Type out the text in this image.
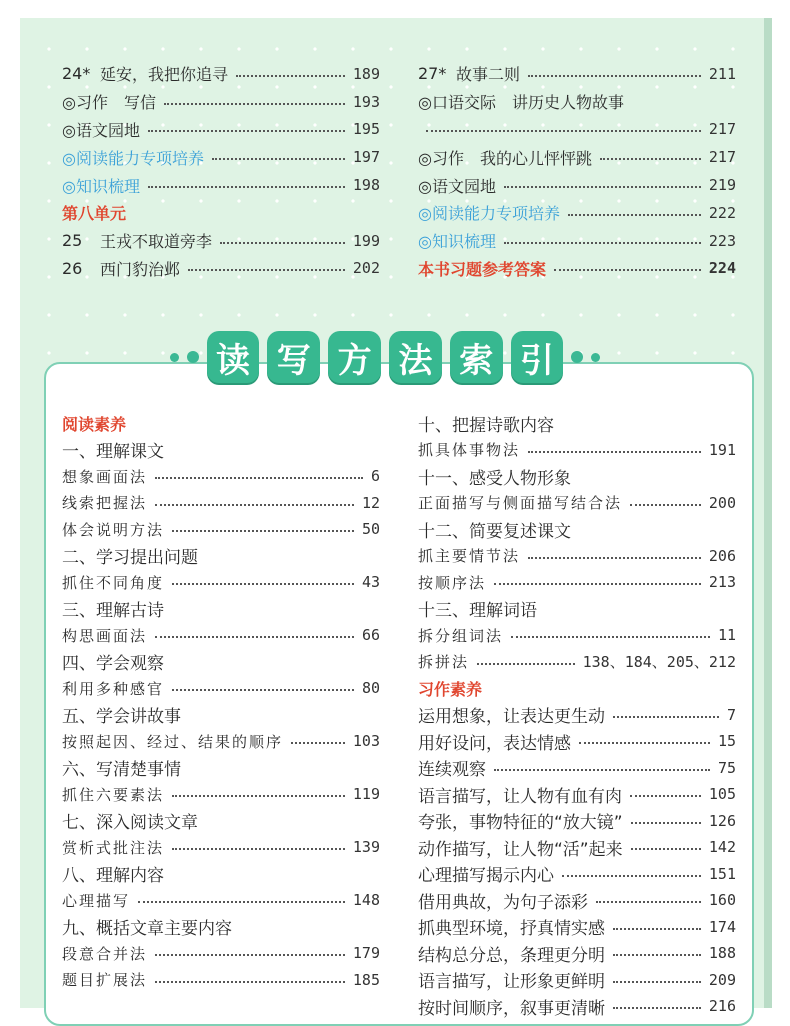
24* 延安，我把你追寻	189
◎习作　写信	193
◎语文园地	195
◎阅读能力专项培养	197
◎知识梳理	198
第八单元
25	王戎不取道旁李	199
26	西门豹治邺	202
27* 故事二则	211
◎口语交际　讲历史人物故事
217
◎习作　我的心儿怦怦跳	217
◎语文园地	219
◎阅读能力专项培养	222
◎知识梳理	223
本书习题参考答案	224
读 写 方 法 索 引
阅读素养
一、理解课文
想象画面法	6
线索把握法	12
体会说明方法	50
二、学习提出问题
抓住不同角度	43
三、理解古诗
构思画面法	66
四、学会观察
利用多种感官	80
五、学会讲故事
按照起因、经过、结果的顺序	103
六、写清楚事情
抓住六要素法	119
七、深入阅读文章
赏析式批注法	139
八、理解内容
心理描写	148
九、概括文章主要内容
段意合并法	179
题目扩展法	185
十、把握诗歌内容
抓具体事物法	191
十一、感受人物形象
正面描写与侧面描写结合法	200
十二、简要复述课文
抓主要情节法	206
按顺序法	213
十三、理解词语
拆分组词法	11
拆拼法	138、184、205、212
习作素养
运用想象，让表达更生动	7
用好设问，表达情感	15
连续观察	75
语言描写，让人物有血有肉	105
夸张，事物特征的“放大镜”	126
动作描写，让人物“活”起来	142
心理描写揭示内心	151
借用典故，为句子添彩	160
抓典型环境，抒真情实感	174
结构总分总，条理更分明	188
语言描写，让形象更鲜明	209
按时间顺序，叙事更清晰	216
